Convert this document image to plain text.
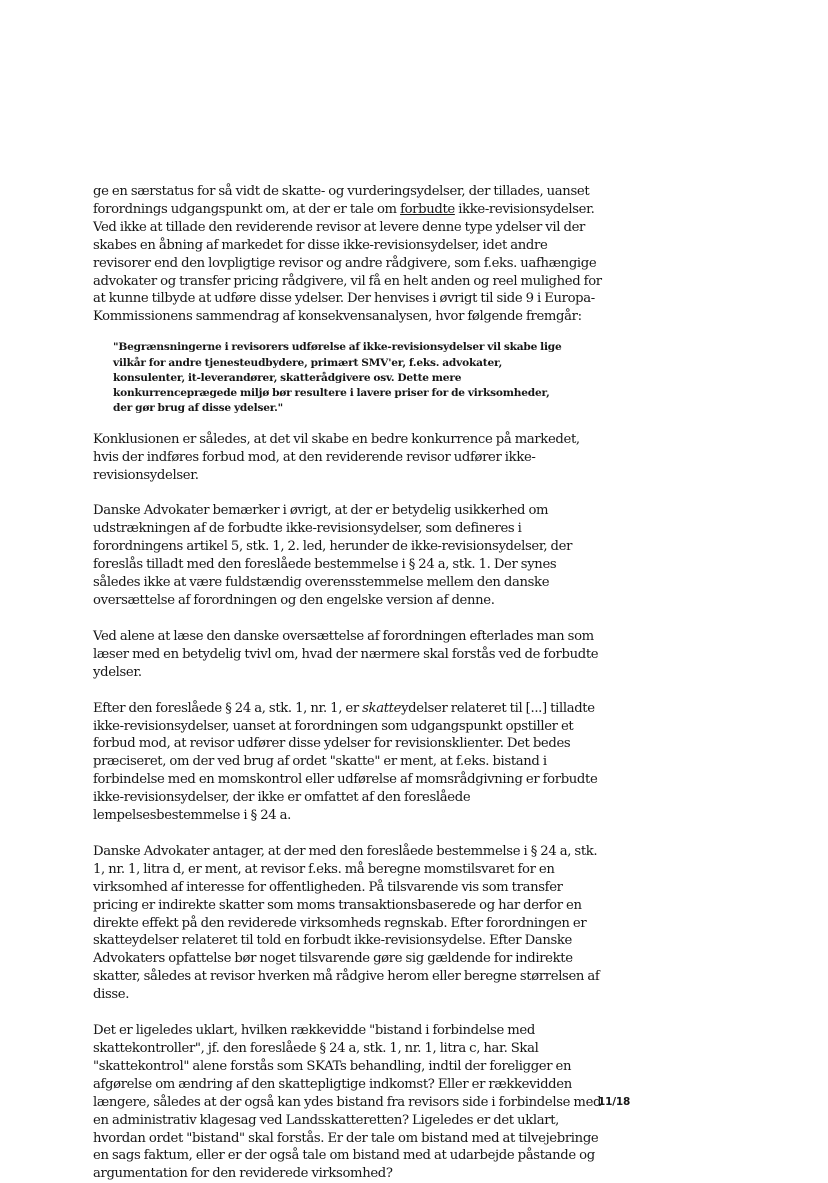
ge en særstatus for så vidt de skatte- og vurderingsydelser, der tillades, uanset forordnings udgangspunkt om, at der er tale om forbudte ikke-revisionsydelser. Ved ikke at tillade den reviderende revisor at levere denne type ydelser vil der skabes en åbning af markedet for disse ikke-revisionsydelser, idet andre revisorer end den lovpligtige revisor og andre rådgivere, som f.eks. uafhængige advokater og transfer pricing rådgivere, vil få en helt anden og reel mulighed for at kunne tilbyde at udføre disse ydelser. Der henvises i øvrigt til side 9 i Europa-Kommissionens sammendrag af konsekvensanalysen, hvor følgende fremgår:

"Begrænsningerne i revisorers udførelse af ikke-revisionsydelser vil skabe lige vilkår for andre tjenesteudbydere, primært SMV'er, f.eks. advokater, konsulenter, it-leverandører, skatterådgivere osv. Dette mere konkurrenceprægede miljø bør resultere i lavere priser for de virksomheder, der gør brug af disse ydelser."

Konklusionen er således, at det vil skabe en bedre konkurrence på markedet, hvis der indføres forbud mod, at den reviderende revisor udfører ikke-revisionsydelser.

Danske Advokater bemærker i øvrigt, at der er betydelig usikkerhed om udstrækningen af de forbudte ikke-revisionsydelser, som defineres i forordningens artikel 5, stk. 1, 2. led, herunder de ikke-revisionsydelser, der foreslås tilladt med den foreslåede bestemmelse i § 24 a, stk. 1. Der synes således ikke at være fuldstændig overensstemmelse mellem den danske oversættelse af forordningen og den engelske version af denne.

Ved alene at læse den danske oversættelse af forordningen efterlades man som læser med en betydelig tvivl om, hvad der nærmere skal forstås ved de forbudte ydelser.

Efter den foreslåede § 24 a, stk. 1, nr. 1, er skatteydelser relateret til [...] tilladte ikke-revisionsydelser, uanset at forordningen som udgangspunkt opstiller et forbud mod, at revisor udfører disse ydelser for revisionsklienter. Det bedes præciseret, om der ved brug af ordet "skatte" er ment, at f.eks. bistand i forbindelse med en momskontrol eller udførelse af momsrådgivning er forbudte ikke-revisionsydelser, der ikke er omfattet af den foreslåede lempelsesbestemmelse i § 24 a.

Danske Advokater antager, at der med den foreslåede bestemmelse i § 24 a, stk. 1, nr. 1, litra d, er ment, at revisor f.eks. må beregne momstilsvaret for en virksomhed af interesse for offentligheden. På tilsvarende vis som transfer pricing er indirekte skatter som moms transaktionsbaserede og har derfor en direkte effekt på den reviderede virksomheds regnskab. Efter forordningen er skatteydelser relateret til told en forbudt ikke-revisionsydelse. Efter Danske Advokaters opfattelse bør noget tilsvarende gøre sig gældende for indirekte skatter, således at revisor hverken må rådgive herom eller beregne størrelsen af disse.

Det er ligeledes uklart, hvilken rækkevidde "bistand i forbindelse med skattekontroller", jf. den foreslåede § 24 a, stk. 1, nr. 1, litra c, har. Skal "skattekontrol" alene forstås som SKATs behandling, indtil der foreligger en afgørelse om ændring af den skattepligtige indkomst? Eller er rækkevidden længere, således at der også kan ydes bistand fra revisors side i forbindelse med en administrativ klagesag ved Landsskatteretten? Ligeledes er det uklart, hvordan ordet "bistand" skal forstås. Er der tale om bistand med at tilvejebringe en sags faktum, eller er der også tale om bistand med at udarbejde påstande og argumentation for den reviderede virksomhed?

11/18
